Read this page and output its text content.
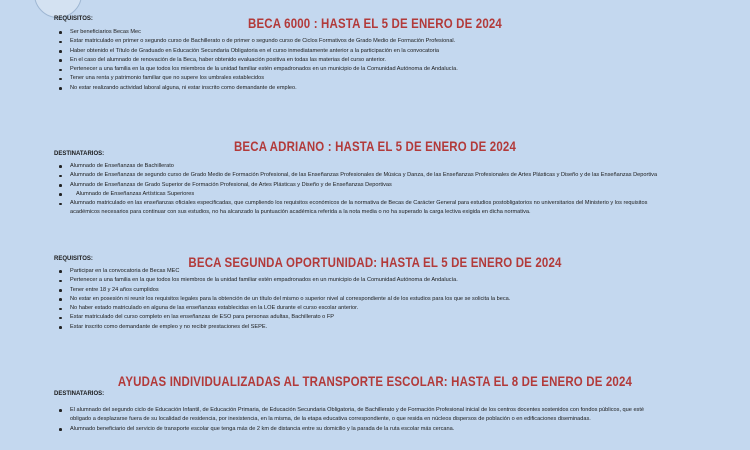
REQUISITOS:	BECA 6000 : HASTA EL 5 DE ENERO DE 2024
Ser beneficiarios Becas Mec
Estar matriculado en primer o segundo curso de Bachillerato o de primer o segundo curso de Ciclos Formativos de Grado Medio de Formación Profesional.
Haber obtenido el Título de Graduado en Educación Secundaria Obligatoria en el curso inmediatamente anterior a la participación en la convocatoria
En el caso del alumnado de renovación de la Beca, haber obtenido evaluación positiva en todas las materias del curso anterior.
Pertenecer a una familia en la que todos los miembros de la unidad familiar estén empadronados en un municipio de la Comunidad Autónoma de Andalucía.
Tener una renta y patrimonio familiar que no supere los umbrales establecidos
No estar realizando actividad laboral alguna, ni estar inscrito como demandante de empleo.
BECA ADRIANO : HASTA EL 5 DE ENERO DE 2024
DESTINATARIOS:
Alumnado de Enseñanzas de Bachillerato
Alumnado de Enseñanzas de segundo curso de Grado Medio de Formación Profesional, de las Enseñanzas Profesionales de Música y Danza, de las Enseñanzas Profesionales de Artes Plásticas y Diseño y de las Enseñanzas Deportiva
Alumnado de Enseñanzas de Grado Superior de Formación Profesional, de Artes Plásticas y Diseño y de Enseñanzas Deportivas
Alumnado de Enseñanzas Artísticas Superiores
Alumnado matriculado en las enseñanzas oficiales especificadas, que cumpliendo los requisitos económicos de la normativa de Becas de Carácter General para estudios postobligatorios no universitarios del Ministerio y los requisitos
académicos necesarios para continuar con sus estudios, no ha alcanzado la puntuación académica referida a la nota media o no ha superado la carga lectiva exigida en dicha normativa.
REQUISITOS:	BECA SEGUNDA OPORTUNIDAD: HASTA EL 5 DE ENERO DE 2024
Participar en la convocatoria de Becas MEC
Pertenecer a una familia en la que todos los miembros de la unidad familiar estén empadronados en un municipio de la Comunidad Autónoma de Andalucía.
Tener entre 18 y 24 años cumplidos
No estar en posesión ni reunir los requisitos legales para la obtención de un título del mismo o superior nivel al correspondiente al de los estudios para los que se solicita la beca.
No haber estado matriculado en alguna de las enseñanzas establecidas en la LOE durante el curso escolar anterior.
Estar matriculado del curso completo en las enseñanzas de ESO para personas adultas, Bachillerato o FP
Estar inscrito como demandante de empleo y no recibir prestaciones del SEPE.
AYUDAS INDIVIDUALIZADAS AL TRANSPORTE ESCOLAR: HASTA EL 8 DE ENERO DE 2024
DESTINATARIOS:
El alumnado del segundo ciclo de Educación Infantil, de Educación Primaria, de Educación Secundaria Obligatoria, de Bachillerato y de Formación Profesional inicial de los centros docentes sostenidos con fondos públicos, que esté
obligado a desplazarse fuera de su localidad de residencia, por inexistencia, en la misma, de la etapa educativa correspondiente, o que resida en núcleos dispersos de población o en edificaciones diseminadas.
Alumnado beneficiario del servicio de transporte escolar que tenga más de 2 km de distancia entre su domicilio y la parada de la ruta escolar más cercana.
